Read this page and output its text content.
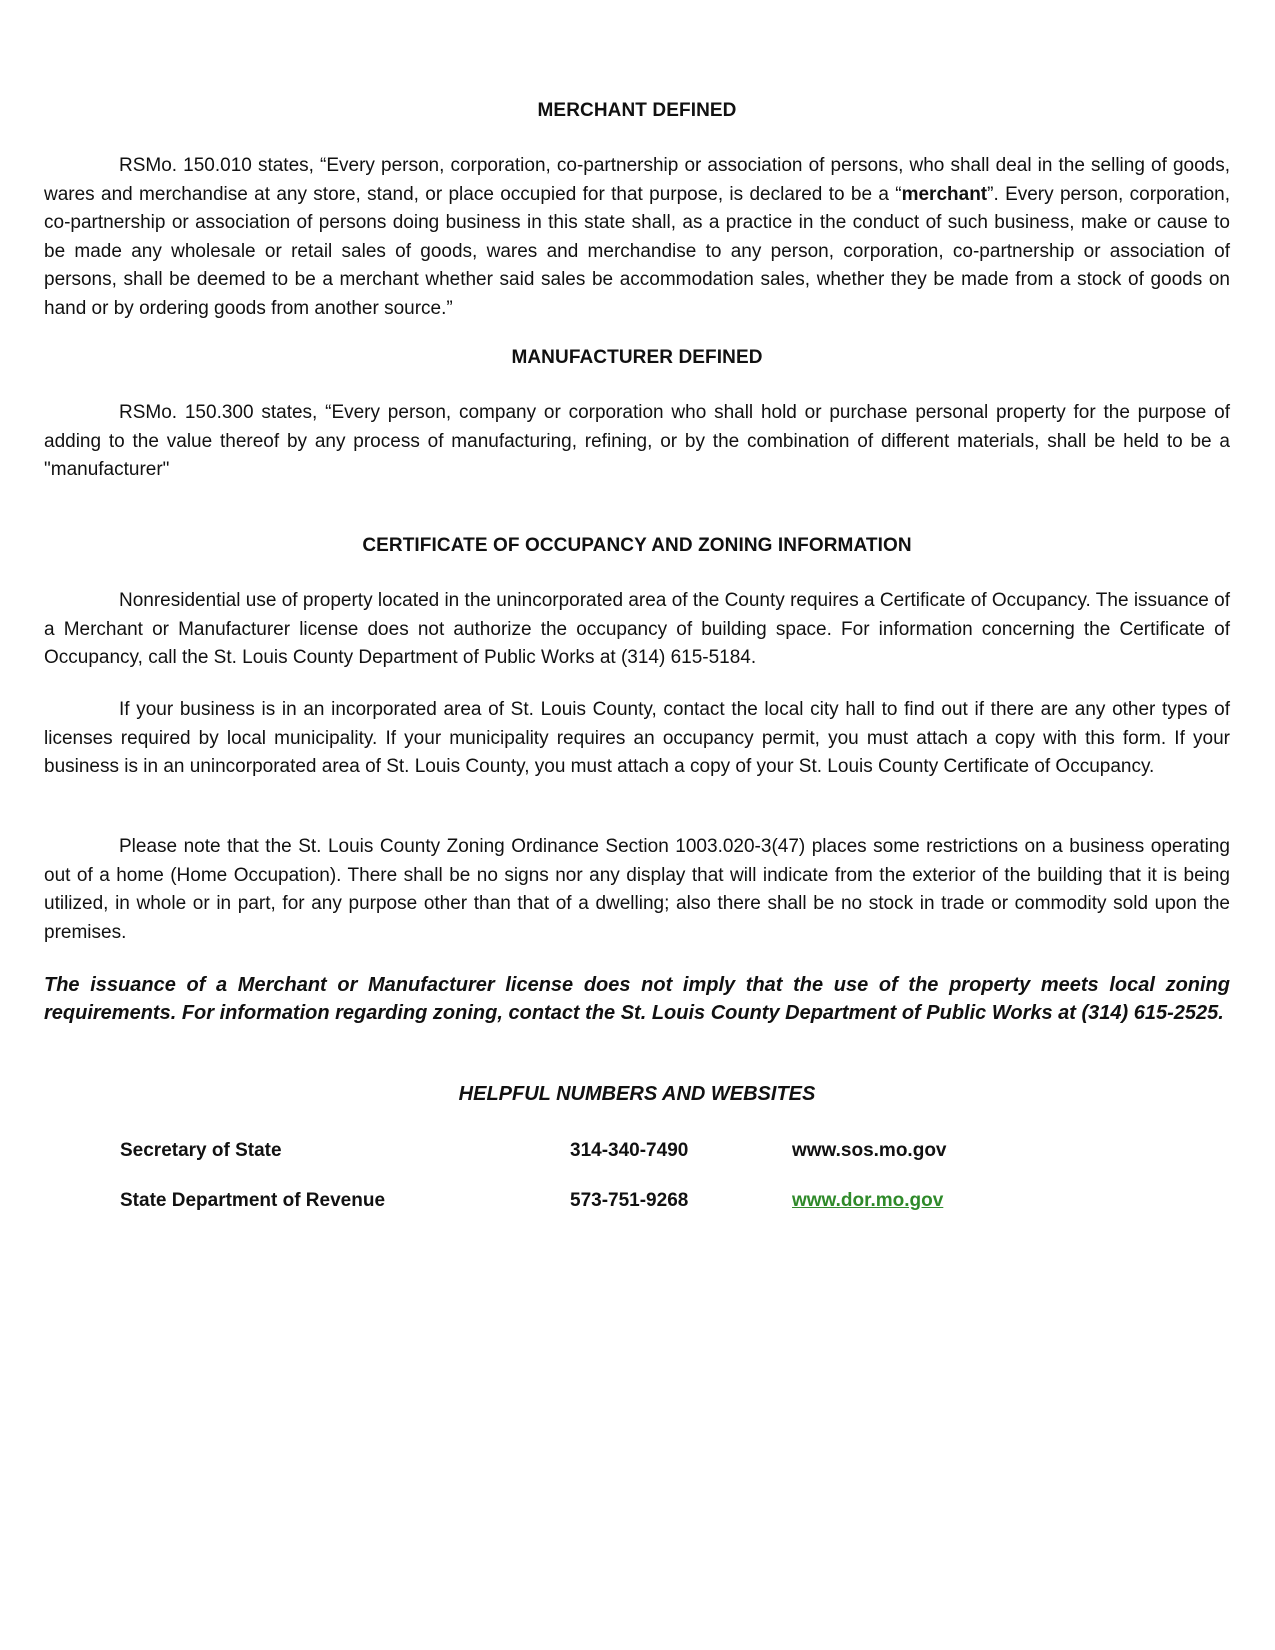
MERCHANT DEFINED

RSMo. 150.010 states, “Every person, corporation, co-partnership or association of persons, who shall deal in the selling of goods, wares and merchandise at any store, stand, or place occupied for that purpose, is declared to be a “merchant”. Every person, corporation, co-partnership or association of persons doing business in this state shall, as a practice in the conduct of such business, make or cause to be made any wholesale or retail sales of goods, wares and merchandise to any person, corporation, co-partnership or association of persons, shall be deemed to be a merchant whether said sales be accommodation sales, whether they be made from a stock of goods on hand or by ordering goods from another source.”

MANUFACTURER DEFINED

RSMo. 150.300 states, “Every person, company or corporation who shall hold or purchase personal property for the purpose of adding to the value thereof by any process of manufacturing, refining, or by the combination of different materials, shall be held to be a "manufacturer"

CERTIFICATE OF OCCUPANCY AND ZONING INFORMATION

Nonresidential use of property located in the unincorporated area of the County requires a Certificate of Occupancy. The issuance of a Merchant or Manufacturer license does not authorize the occupancy of building space. For information concerning the Certificate of Occupancy, call the St. Louis County Department of Public Works at (314) 615-5184.

If your business is in an incorporated area of St. Louis County, contact the local city hall to find out if there are any other types of licenses required by local municipality. If your municipality requires an occupancy permit, you must attach a copy with this form. If your business is in an unincorporated area of St. Louis County, you must attach a copy of your St. Louis County Certificate of Occupancy.

Please note that the St. Louis County Zoning Ordinance Section 1003.020-3(47) places some restrictions on a business operating out of a home (Home Occupation). There shall be no signs nor any display that will indicate from the exterior of the building that it is being utilized, in whole or in part, for any purpose other than that of a dwelling; also there shall be no stock in trade or commodity sold upon the premises.

The issuance of a Merchant or Manufacturer license does not imply that the use of the property meets local zoning requirements. For information regarding zoning, contact the St. Louis County Department of Public Works at (314) 615-2525.

HELPFUL NUMBERS AND WEBSITES
Secretary of State	314-340-7490	www.sos.mo.gov
State Department of Revenue	573-751-9268	www.dor.mo.gov
